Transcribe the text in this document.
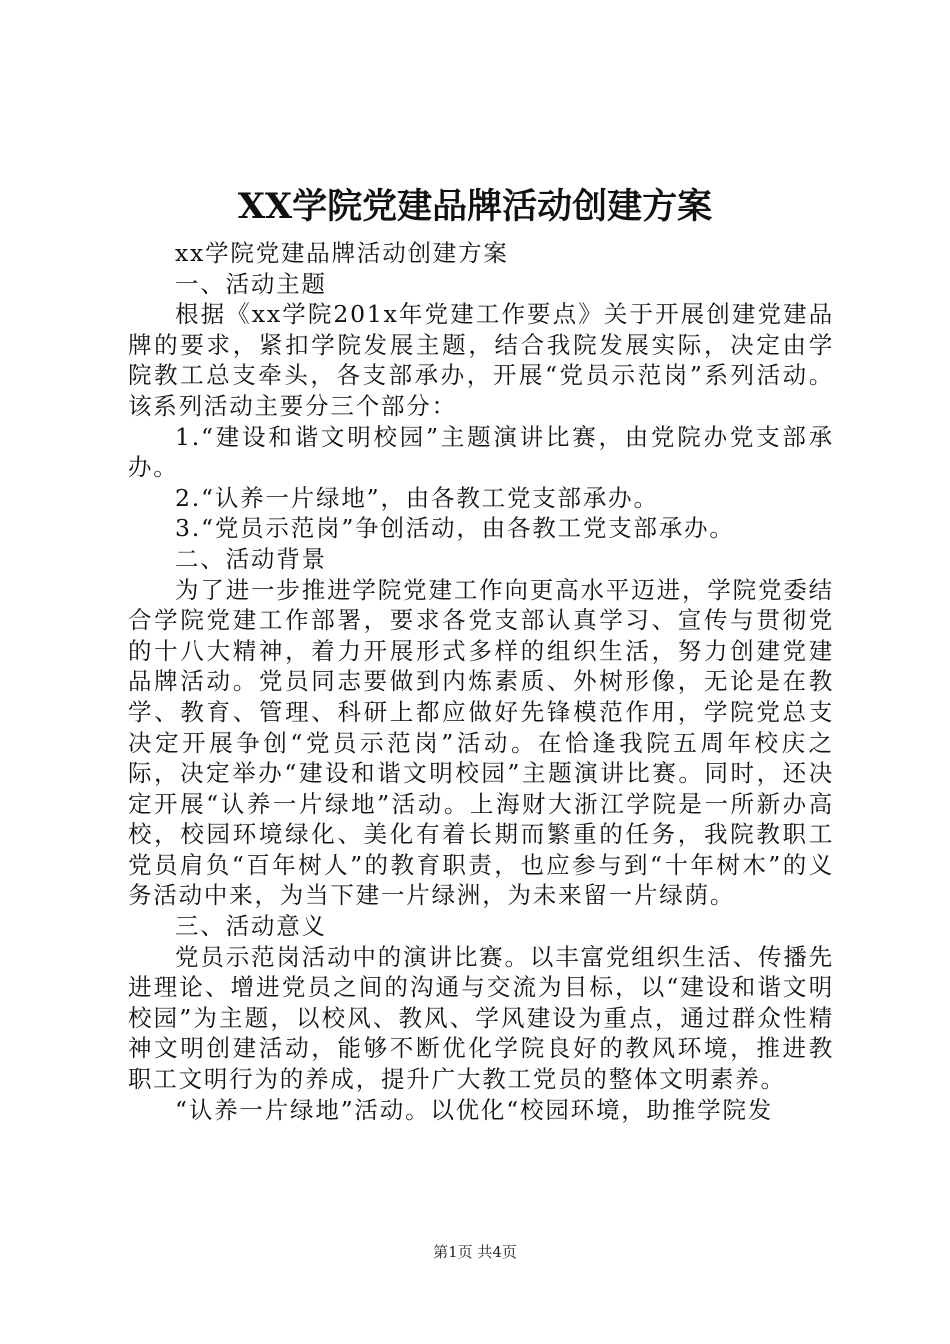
XX学院党建品牌活动创建方案

xx学院党建品牌活动创建方案

一、活动主题

根据《xx学院201x年党建工作要点》关于开展创建党建品牌的要求，紧扣学院发展主题，结合我院发展实际，决定由学院教工总支牵头，各支部承办，开展“党员示范岗”系列活动。该系列活动主要分三个部分：

1.“建设和谐文明校园”主题演讲比赛，由党院办党支部承办。

2.“认养一片绿地”，由各教工党支部承办。

3.“党员示范岗”争创活动，由各教工党支部承办。

二、活动背景

为了进一步推进学院党建工作向更高水平迈进，学院党委结合学院党建工作部署，要求各党支部认真学习、宣传与贯彻党的十八大精神，着力开展形式多样的组织生活，努力创建党建品牌活动。党员同志要做到内炼素质、外树形像，无论是在教学、教育、管理、科研上都应做好先锋模范作用，学院党总支决定开展争创“党员示范岗”活动。在恰逢我院五周年校庆之际，决定举办“建设和谐文明校园”主题演讲比赛。同时，还决定开展“认养一片绿地”活动。上海财大浙江学院是一所新办高校，校园环境绿化、美化有着长期而繁重的任务，我院教职工党员肩负“百年树人”的教育职责，也应参与到“十年树木”的义务活动中来，为当下建一片绿洲，为未来留一片绿荫。

三、活动意义

党员示范岗活动中的演讲比赛。以丰富党组织生活、传播先进理论、增进党员之间的沟通与交流为目标，以“建设和谐文明校园”为主题，以校风、教风、学风建设为重点，通过群众性精神文明创建活动，能够不断优化学院良好的教风环境，推进教职工文明行为的养成，提升广大教工党员的整体文明素养。

“认养一片绿地”活动。以优化“校园环境，助推学院发

第1页 共4页
